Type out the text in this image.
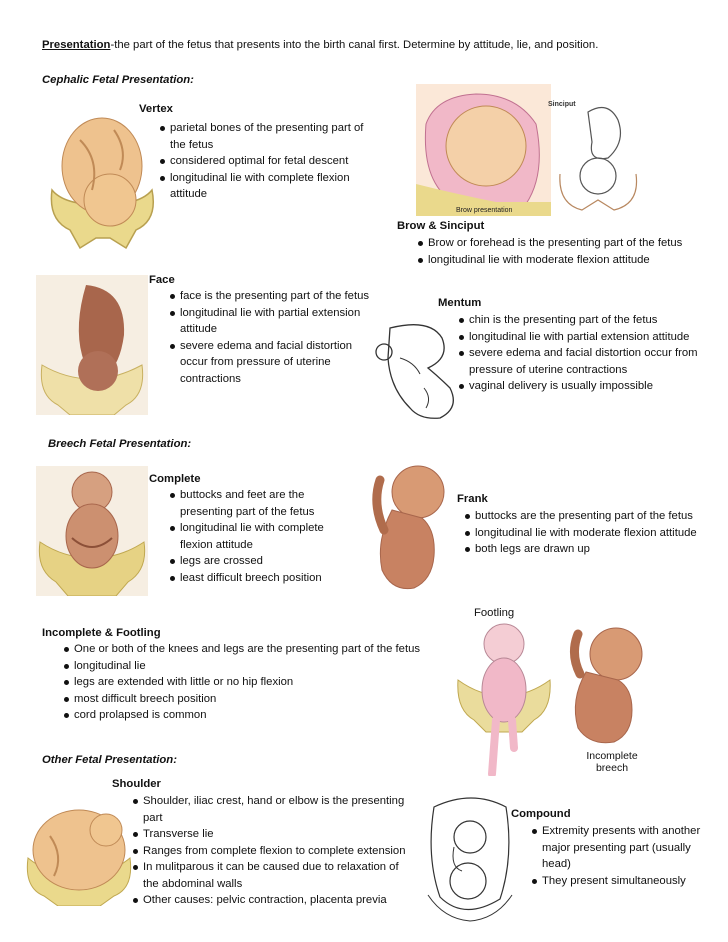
Presentation-the part of the fetus that presents into the birth canal first. Determine by attitude, lie, and position.
Cephalic Fetal Presentation:
Vertex
parietal bones of the presenting part of the fetus
considered optimal for fetal descent
longitudinal lie with complete flexion attitude
Brow presentation
Sinciput
Brow & Sinciput
Brow or forehead is the presenting part of the fetus
longitudinal lie with moderate flexion attitude
Face
face is the presenting part of the fetus
longitudinal lie with partial extension attitude
severe edema and facial distortion occur from pressure of uterine contractions
Mentum
chin is the presenting part of the fetus
longitudinal lie with partial extension attitude
severe edema and facial distortion occur from pressure of uterine contractions
vaginal delivery is usually impossible
Breech Fetal Presentation:
Complete
buttocks and feet are the presenting part of the fetus
longitudinal lie with complete flexion attitude
legs are crossed
least difficult breech position
Frank
buttocks are the presenting part of the fetus
longitudinal lie with moderate flexion attitude
both legs are drawn up
Footling
Incomplete breech
Incomplete & Footling
One or both of the knees and legs are the presenting part of the fetus
longitudinal lie
legs are extended with little or no hip flexion
most difficult breech position
cord prolapsed is common
Other Fetal Presentation:
Shoulder
Shoulder, iliac crest, hand or elbow is the presenting part
Transverse lie
Ranges from complete flexion to complete extension
In mulitparous it can be caused due to relaxation of the abdominal walls
Other causes: pelvic contraction, placenta previa
Compound
Extremity presents with another major presenting part (usually head)
They present simultaneously
